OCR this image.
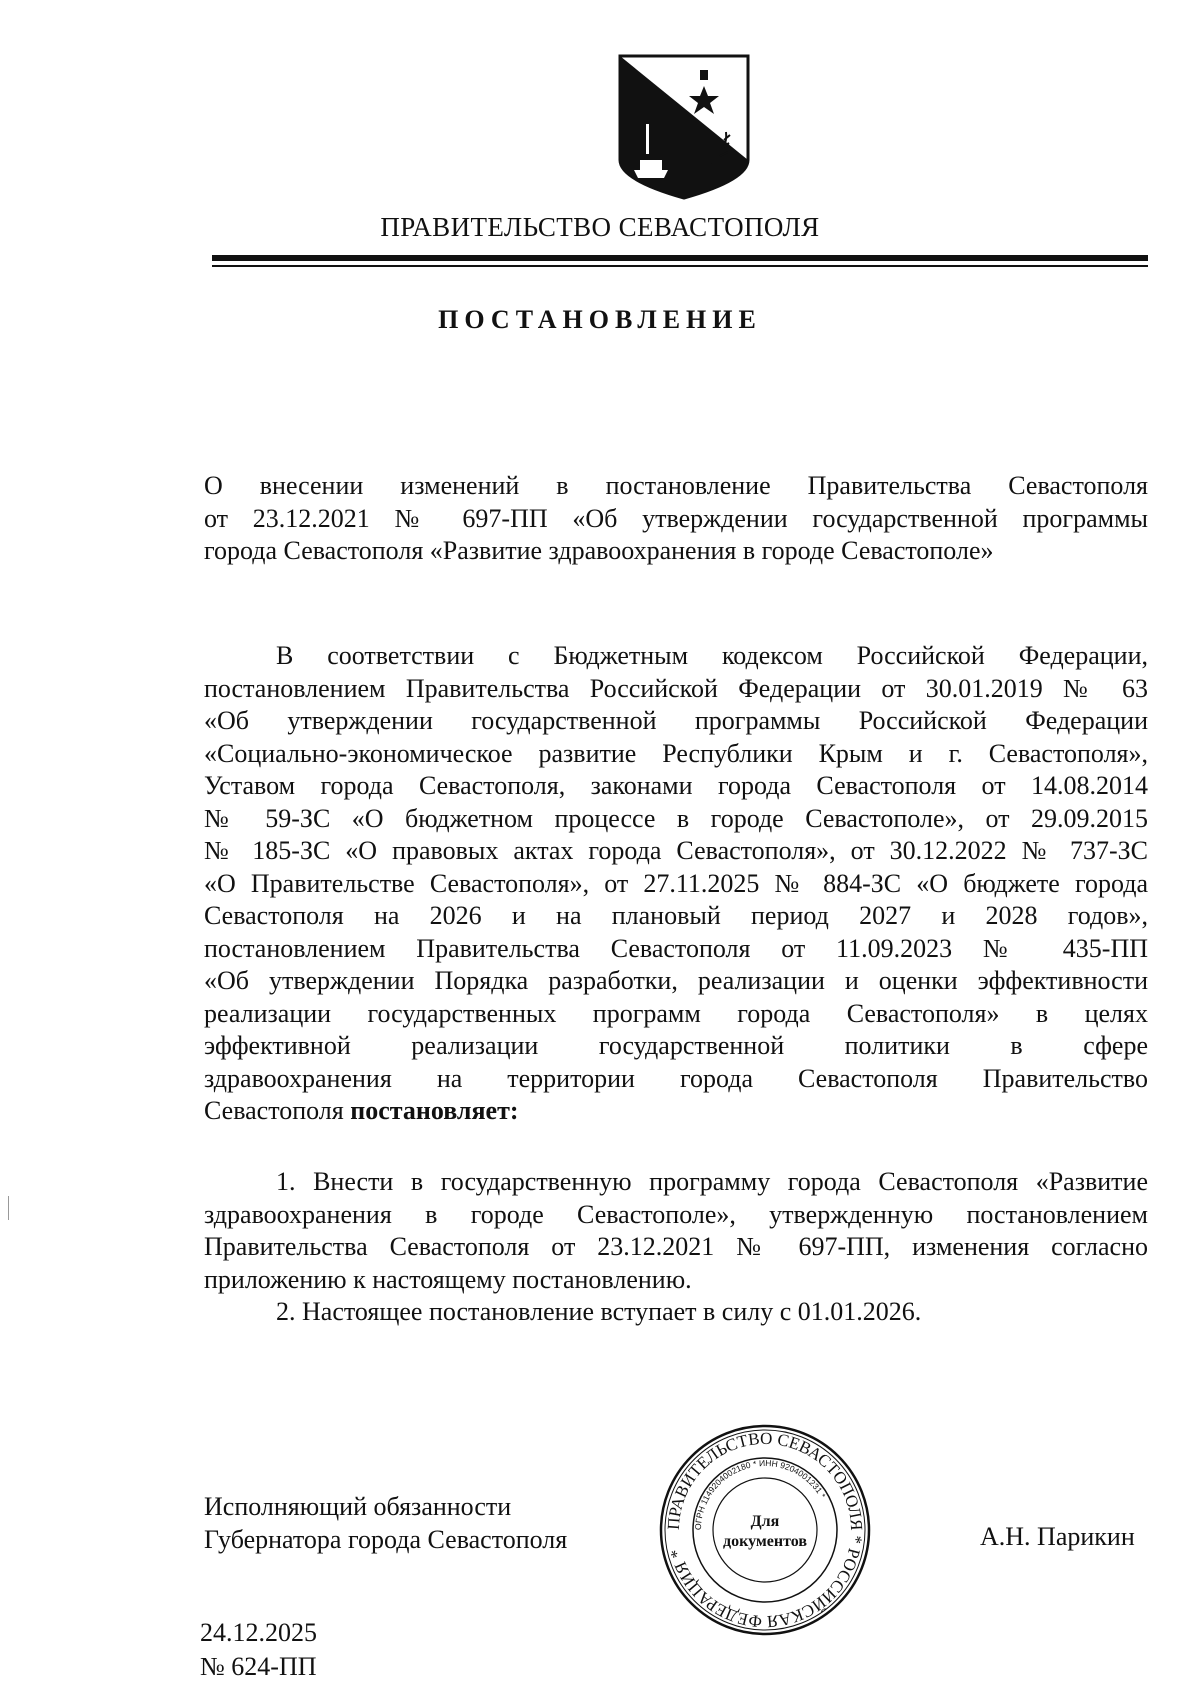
ПРАВИТЕЛЬСТВО СЕВАСТОПОЛЯ
ПОСТАНОВЛЕНИЕ
О внесении изменений в постановление Правительства Севастополя
от 23.12.2021 № 697-ПП «Об утверждении государственной программы
города Севастополя «Развитие здравоохранения в городе Севастополе»
В соответствии с Бюджетным кодексом Российской Федерации,
постановлением Правительства Российской Федерации от 30.01.2019 № 63
«Об утверждении государственной программы Российской Федерации
«Социально-экономическое развитие Республики Крым и г. Севастополя»,
Уставом города Севастополя, законами города Севастополя от 14.08.2014
№ 59-ЗС «О бюджетном процессе в городе Севастополе», от 29.09.2015
№ 185-ЗС «О правовых актах города Севастополя», от 30.12.2022 № 737-ЗС
«О Правительстве Севастополя», от 27.11.2025 № 884-ЗС «О бюджете города
Севастополя на 2026 и на плановый период 2027 и 2028 годов»,
постановлением Правительства Севастополя от 11.09.2023 № 435-ПП
«Об утверждении Порядка разработки, реализации и оценки эффективности
реализации государственных программ города Севастополя» в целях
эффективной реализации государственной политики в сфере
здравоохранения на территории города Севастополя Правительство
Севастополя постановляет:
1. Внести в государственную программу города Севастополя «Развитие
здравоохранения в городе Севастополе», утвержденную постановлением
Правительства Севастополя от 23.12.2021 № 697-ПП, изменения согласно
приложению к настоящему постановлению.
2. Настоящее постановление вступает в силу с 01.01.2026.
Исполняющий обязанности
Губернатора города Севастополя
ПРАВИТЕЛЬСТВО СЕВАСТОПОЛЯ * РОССИЙСКАЯ ФЕДЕРАЦИЯ *
ОГРН 1149204002180 * ИНН 9204001231 *
Для
документов	А.Н. Парикин
24.12.2025
№ 624-ПП
